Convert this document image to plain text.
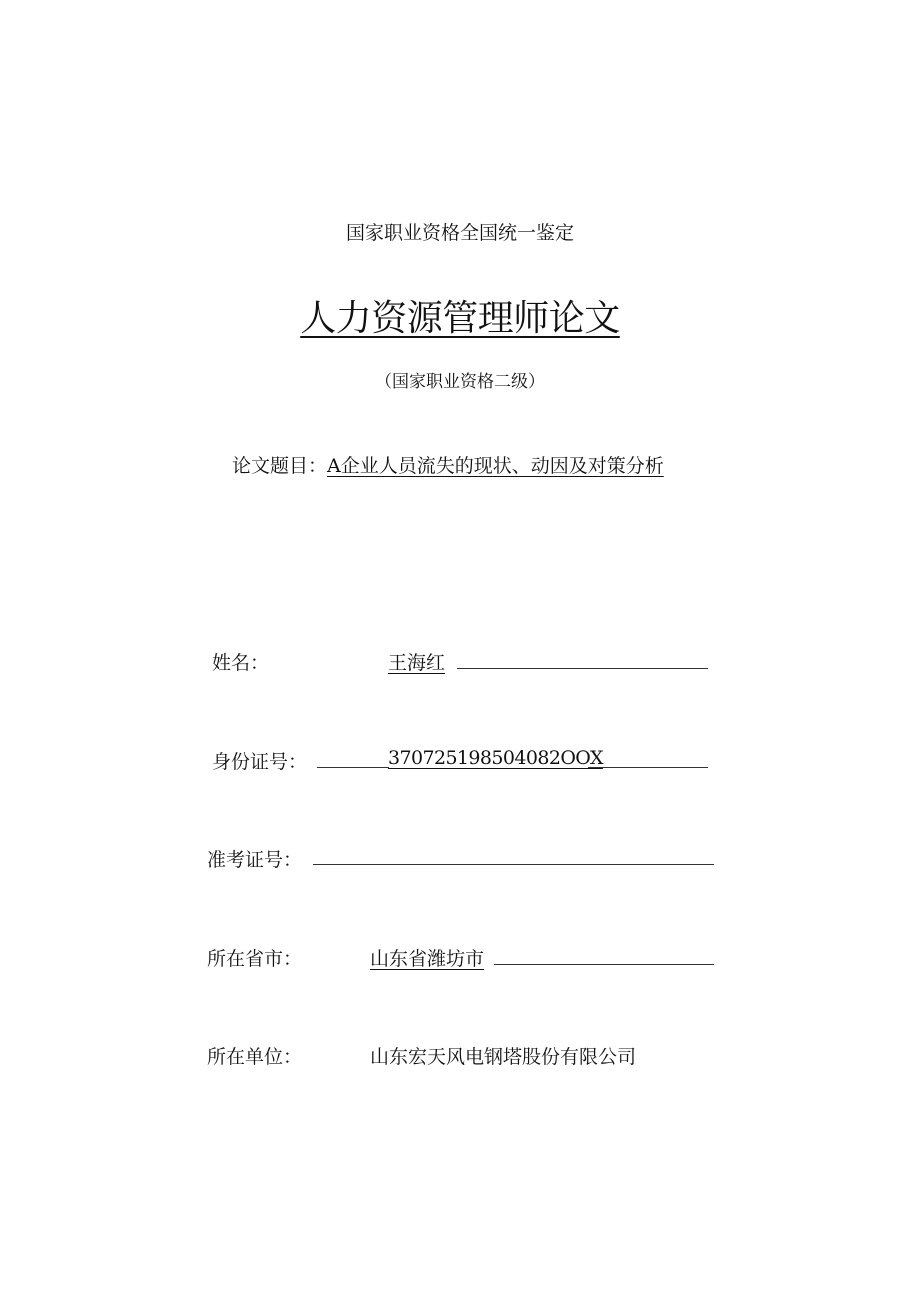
国家职业资格全国统一鉴定
人力资源管理师论文
（国家职业资格二级）
论文题目：A企业人员流失的现状、动因及对策分析
姓名：	王海红
身份证号：	370725198504082OOX
准考证号：
所在省市：	山东省潍坊市
所在单位：	山东宏天风电钢塔股份有限公司
